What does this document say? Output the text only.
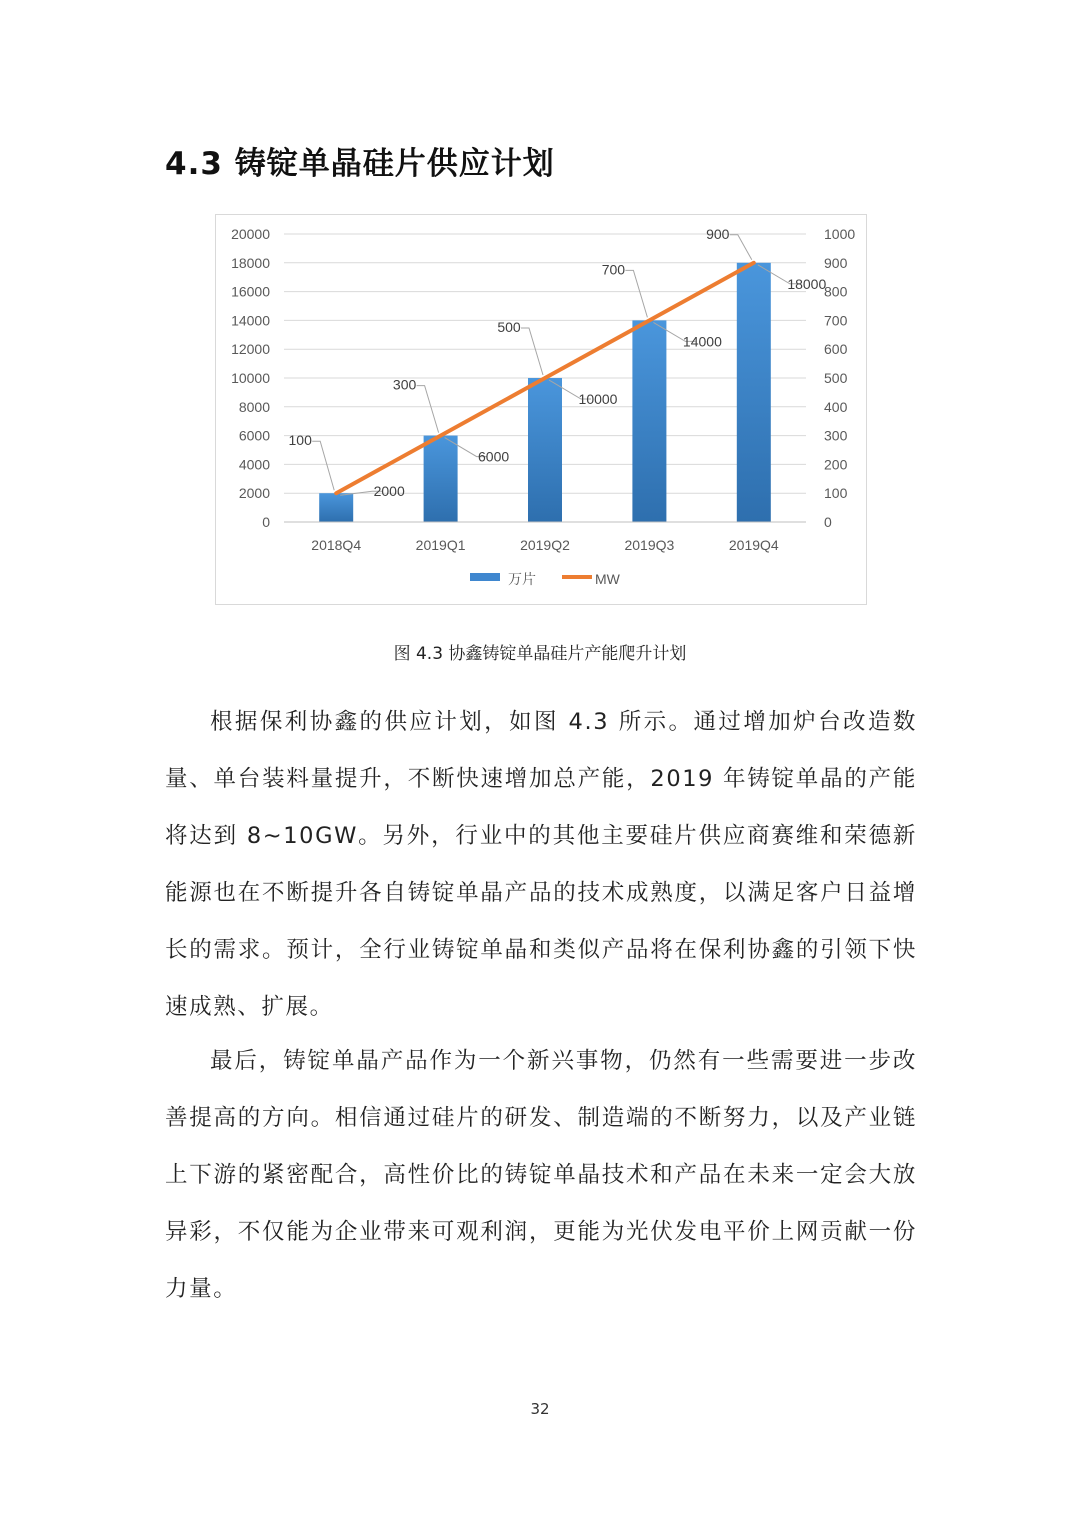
4.3 铸锭单晶硅片供应计划
0
2000
4000
6000
8000
10000
12000
14000
16000
18000
20000
0
100
200
300
400
500
600
700
800
900
1000
2018Q4	2019Q1	2019Q2	2019Q3	2019Q4
2000
6000
10000
14000
18000
100
300
500
700
900
万片	MW
图 4.3 协鑫铸锭单晶硅片产能爬升计划

根据保利协鑫的供应计划，如图 4.3 所示。通过增加炉台改造数量、单台装料量提升，不断快速增加总产能，2019 年铸锭单晶的产能将达到 8~10GW。另外，行业中的其他主要硅片供应商赛维和荣德新能源也在不断提升各自铸锭单晶产品的技术成熟度，以满足客户日益增长的需求。预计，全行业铸锭单晶和类似产品将在保利协鑫的引领下快速成熟、扩展。

最后，铸锭单晶产品作为一个新兴事物，仍然有一些需要进一步改善提高的方向。相信通过硅片的研发、制造端的不断努力，以及产业链上下游的紧密配合，高性价比的铸锭单晶技术和产品在未来一定会大放异彩，不仅能为企业带来可观利润，更能为光伏发电平价上网贡献一份力量。

32
